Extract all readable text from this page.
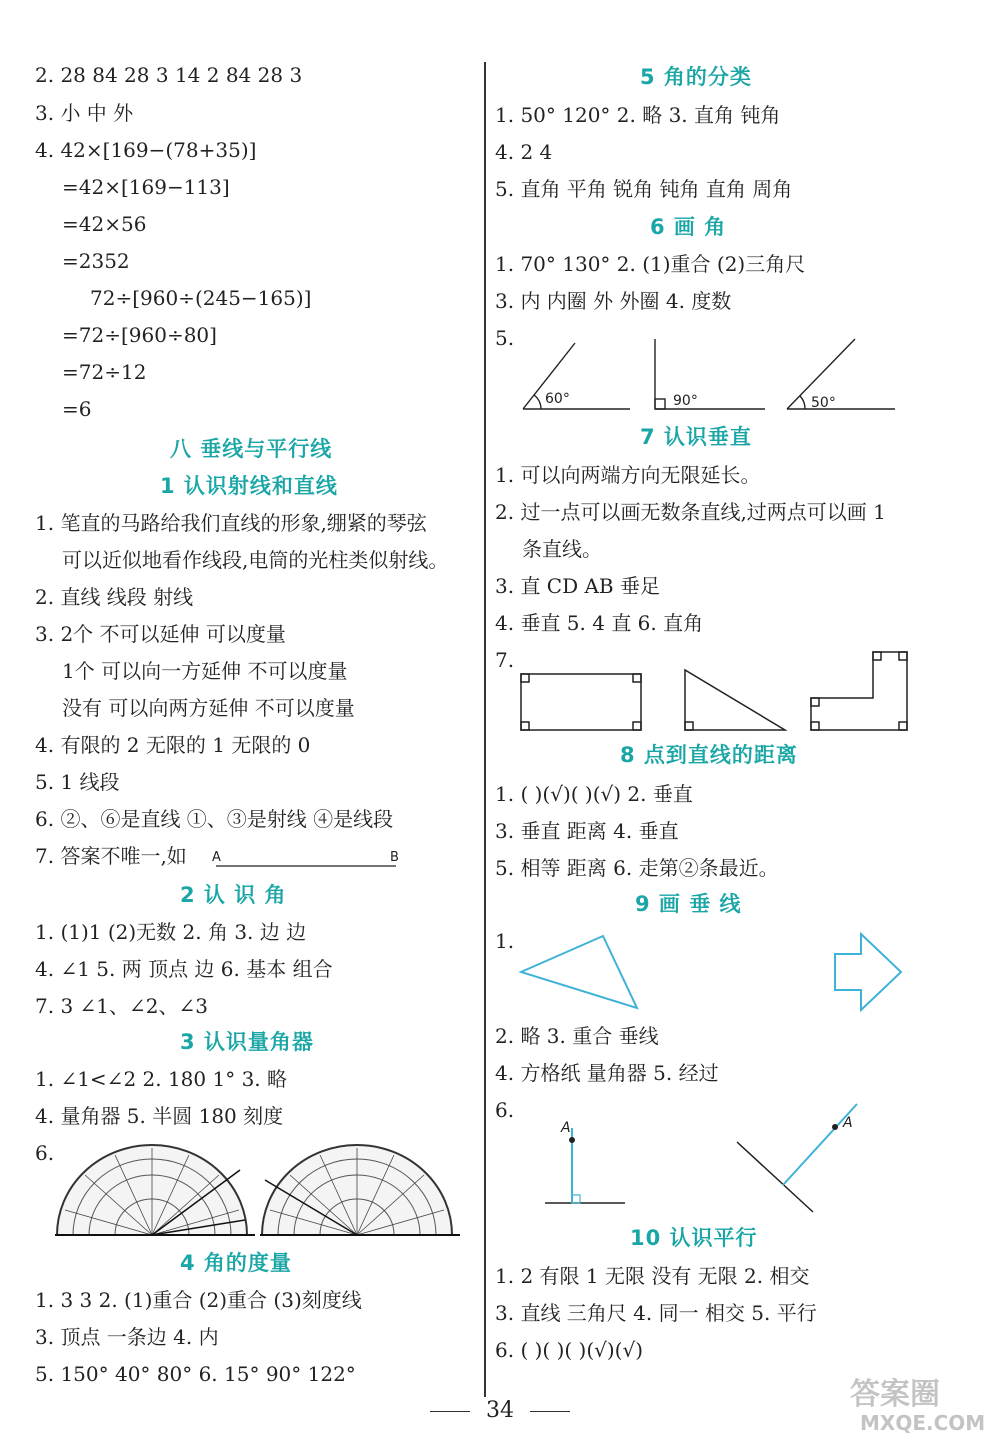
2. 28 84 28 3 14 2 84 28 3
3. 小 中 外
4. 42×[169−(78+35)]
=42×[169−113]
=42×56
=2352
72÷[960÷(245−165)]
=72÷[960÷80]
=72÷12
=6
八 垂线与平行线
1 认识射线和直线
1. 笔直的马路给我们直线的形象,绷紧的琴弦
可以近似地看作线段,电筒的光柱类似射线。
2. 直线 线段 射线
3. 2个 不可以延伸 可以度量
1个 可以向一方延伸 不可以度量
没有 可以向两方延伸 不可以度量
4. 有限的 2 无限的 1 无限的 0
5. 1 线段
6. ②、⑥是直线 ①、③是射线 ④是线段
7. 答案不唯一,如 A	B
2 认 识 角
1. (1)1 (2)无数 2. 角 3. 边 边
4. ∠1 5. 两 顶点 边 6. 基本 组合
7. 3 ∠1、∠2、∠3
3 认识量角器
1. ∠1<∠2 2. 180 1° 3. 略
4. 量角器 5. 半圆 180 刻度
6.
4 角的度量
1. 3 3 2. (1)重合 (2)重合 (3)刻度线
3. 顶点 一条边 4. 内
5. 150° 40° 80° 6. 15° 90° 122°
5 角的分类
1. 50° 120° 2. 略 3. 直角 钝角
4. 2 4
5. 直角 平角 锐角 钝角 直角 周角
6 画 角
1. 70° 130° 2. (1)重合 (2)三角尺
3. 内 内圈 外 外圈 4. 度数
5.
60°	90°	50°
7 认识垂直
1. 可以向两端方向无限延长。
2. 过一点可以画无数条直线,过两点可以画 1
条直线。
3. 直 CD AB 垂足
4. 垂直 5. 4 直 6. 直角
7.
8 点到直线的距离
1. ( )(√)( )(√) 2. 垂直
3. 垂直 距离 4. 垂直
5. 相等 距离 6. 走第②条最近。
9 画 垂 线
1.
2. 略 3. 重合 垂线
4. 方格纸 量角器 5. 经过
6.
A	A
10 认识平行
1. 2 有限 1 无限 没有 无限 2. 相交
3. 直线 三角尺 4. 同一 相交 5. 平行
6. ( )( )( )(√)(√)
34	答案圈
MXQE.COM
